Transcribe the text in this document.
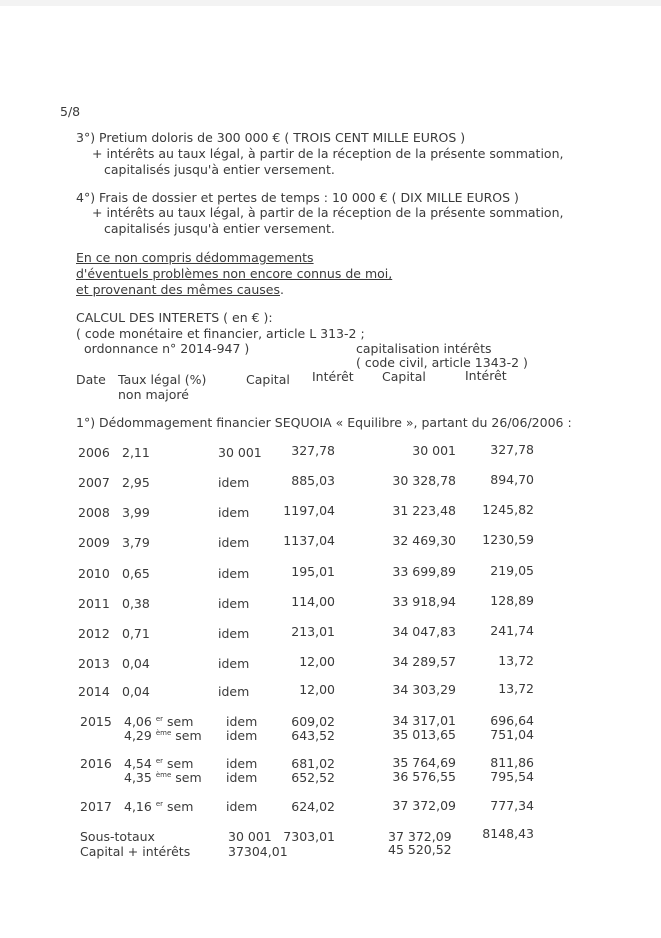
5/8
3°) Pretium doloris de 300 000 € ( TROIS CENT MILLE EUROS )
+ intérêts au taux légal, à partir de la réception de la présente sommation,
capitalisés jusqu'à entier versement.
4°) Frais de dossier et pertes de temps : 10 000 € ( DIX MILLE EUROS )
+ intérêts au taux légal, à partir de la réception de la présente sommation,
capitalisés jusqu'à entier versement.
En ce non compris dédommagements
d'éventuels problèmes non encore connus de moi,
et provenant des mêmes causes.
CALCUL DES INTERETS ( en € ):
( code monétaire et financier, article L 313-2 ;
ordonnance n° 2014-947 )	capitalisation intérêts
( code civil, article 1343-2 )
Date Taux légal (%)
non majoré
Capital Intérêt Capital	Intérêt
1°) Dédommagement financier SEQUOIA « Equilibre », partant du 26/06/2006 :
2006 2,11	30 001	327,78	30 001	327,78
2007 2,95	idem	885,03	30 328,78	894,70
2008 3,99	idem	1197,04	31 223,48	1245,82
2009 3,79	idem	1137,04	32 469,30	1230,59
2010 0,65	idem	195,01	33 699,89	219,05
2011 0,38	idem	114,00	33 918,94	128,89
2012 0,71	idem	213,01	34 047,83	241,74
2013 0,04	idem	12,00	34 289,57	13,72
2014 0,04	idem	12,00	34 303,29	13,72
2015 4,06 $^{er}$ sem	idem	609,02	34 317,01	696,64
4,29 $^{ème}$ sem idem	643,52	35 013,65	751,04
2016 4,54 $^{er}$ sem	idem	681,02	35 764,69	811,86
4,35 $^{ème}$ sem idem	652,52	36 576,55	795,54
2017 4,16 $^{er}$ sem	idem	624,02	37 372,09	777,34
Sous-totaux	30 001 7303,01	37 372,09	8148,43
Capital + intérêts	37304,01	45 520,52
